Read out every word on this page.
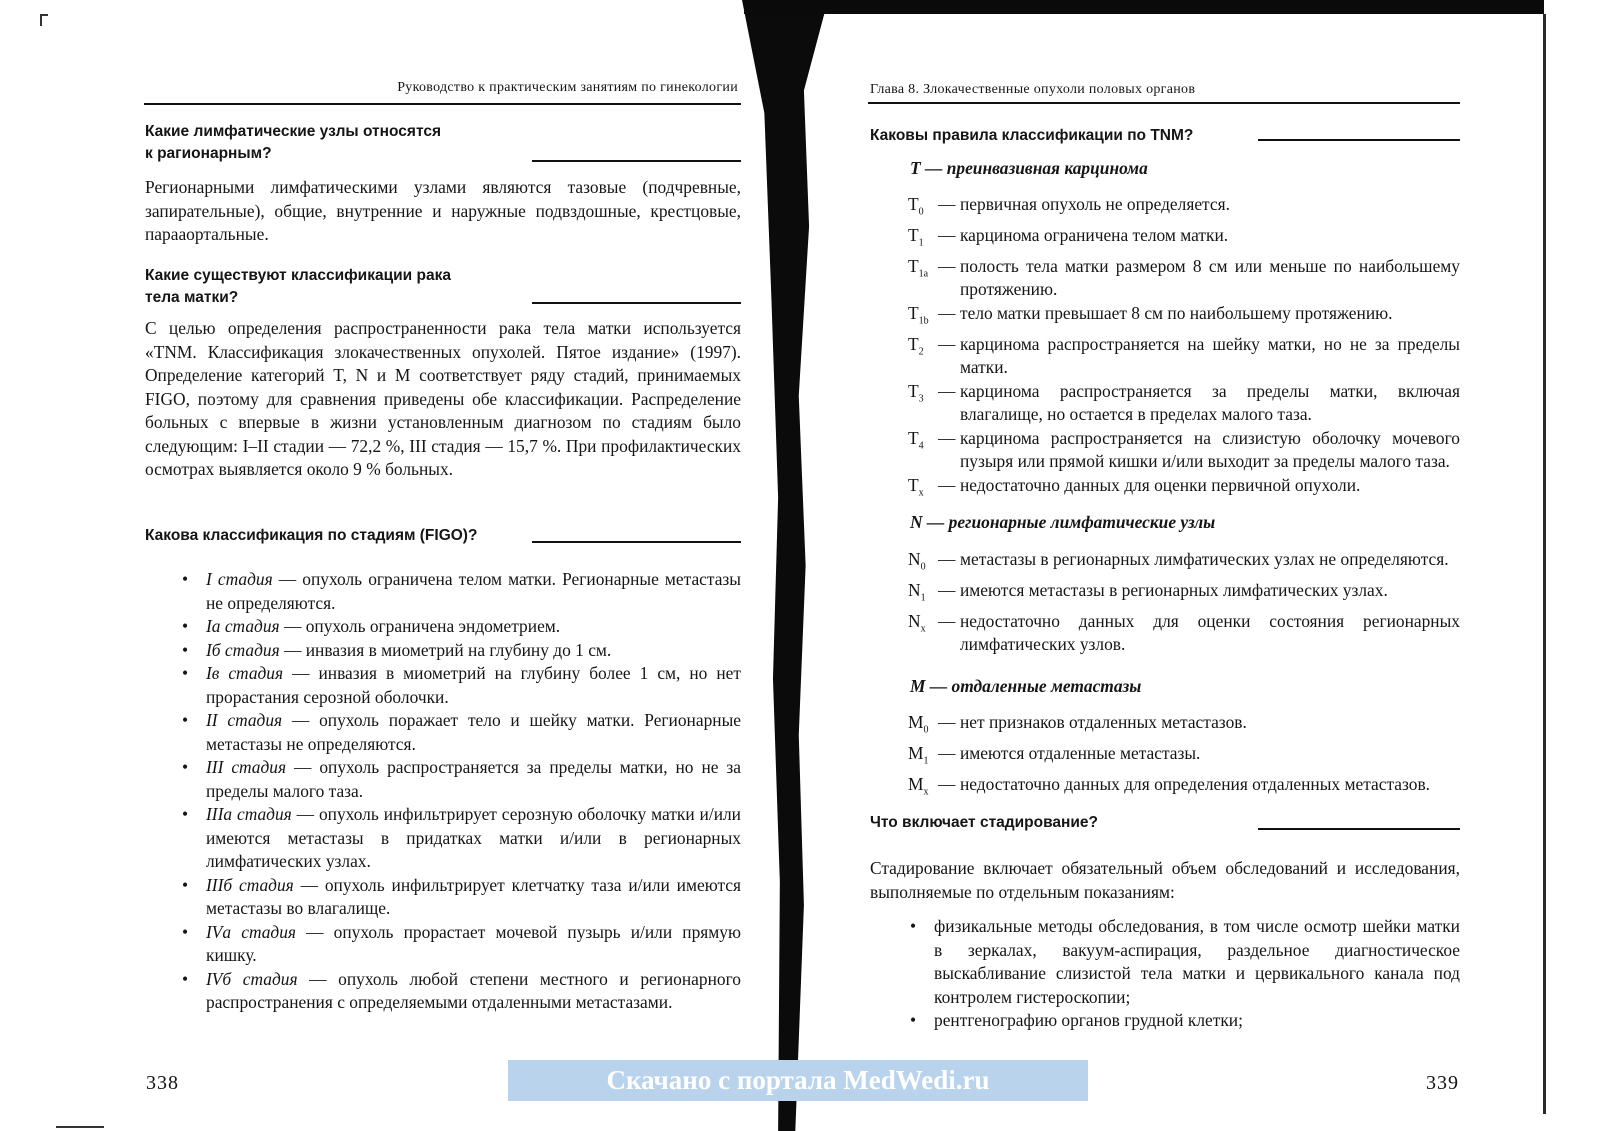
Руководство к практическим занятиям по гинекологии
Какие лимфатические узлы относятся
к рагионарным?
Регионарными лимфатическими узлами являются тазовые (подчревные, запирательные), общие, внутренние и наружные подвздошные, крестцовые, парааортальные.
Какие существуют классификации рака
тела матки?
С целью определения распространенности рака тела матки используется «TNM. Классификация злокачественных опухолей. Пятое издание» (1997). Определение категорий T, N и M соответствует ряду стадий, принимаемых FIGO, поэтому для сравнения приведены обе классификации. Распределение больных с впервые в жизни установленным диагнозом по стадиям было следующим: I–II стадии — 72,2 %, III стадия — 15,7 %. При профилактических осмотрах выявляется около 9 % больных.
Какова классификация по стадиям (FIGO)?
• I стадия — опухоль ограничена телом матки. Регионарные метастазы не определяются.
• Iа стадия — опухоль ограничена эндометрием.
• Iб стадия — инвазия в миометрий на глубину до 1 см.
• Iв стадия — инвазия в миометрий на глубину более 1 см, но нет прорастания серозной оболочки.
• II стадия — опухоль поражает тело и шейку матки. Регионарные метастазы не определяются.
• III стадия — опухоль распространяется за пределы матки, но не за пределы малого таза.
• IIIа стадия — опухоль инфильтрирует серозную оболочку матки и/или имеются метастазы в придатках матки и/или в регионарных лимфатических узлах.
• IIIб стадия — опухоль инфильтрирует клетчатку таза и/или имеются метастазы во влагалище.
• IVа стадия — опухоль прорастает мочевой пузырь и/или прямую кишку.
• IVб стадия — опухоль любой степени местного и регионарного распространения с определяемыми отдаленными метастазами.
338
Глава 8. Злокачественные опухоли половых органов
Каковы правила классификации по TNM?
T — преинвазивная карцинома
$T_0$ — первичная опухоль не определяется.
$T_1$ — карцинома ограничена телом матки.
$T_{1а}$ — полость тела матки размером 8 см или меньше по наибольшему протяжению.
$T_{1b}$ — тело матки превышает 8 см по наибольшему протяжению.
$T_2$ — карцинома распространяется на шейку матки, но не за пределы матки.
$T_3$ — карцинома распространяется за пределы матки, включая влагалище, но остается в пределах малого таза.
$T_4$ — карцинома распространяется на слизистую оболочку мочевого пузыря или прямой кишки и/или выходит за пределы малого таза.
$T_x$ — недостаточно данных для оценки первичной опухоли.
N — регионарные лимфатические узлы
$N_0$ — метастазы в регионарных лимфатических узлах не определяются.
$N_1$ — имеются метастазы в регионарных лимфатических узлах.
$N_x$ — недостаточно данных для оценки состояния регионарных лимфатических узлов.
M — отдаленные метастазы
$M_0$ — нет признаков отдаленных метастазов.
$M_1$ — имеются отдаленные метастазы.
$M_x$ — недостаточно данных для определения отдаленных метастазов.
Что включает стадирование?
Стадирование включает обязательный объем обследований и исследования, выполняемые по отдельным показаниям:
• физикальные методы обследования, в том числе осмотр шейки матки в зеркалах, вакуум-аспирация, раздельное диагностическое выскабливание слизистой тела матки и цервикального канала под контролем гистероскопии;
• рентгенографию органов грудной клетки;
339
Скачано с портала MedWedi.ru
